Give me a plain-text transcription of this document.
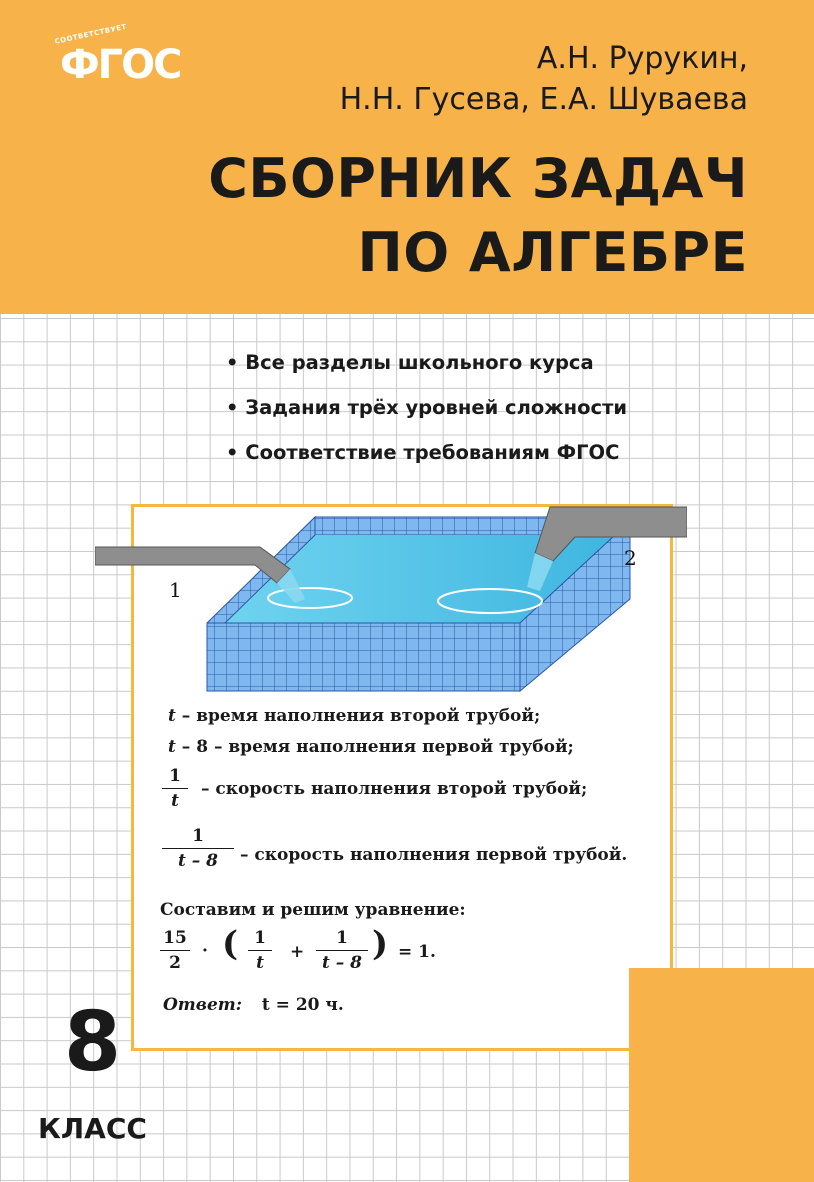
СООТВЕТСТВУЕТ
ФГОС	А.Н. Рурукин,
Н.Н. Гусева, Е.А. Шуваева
СБОРНИК ЗАДАЧ
ПО АЛГЕБРЕ
• Все разделы школьного курса
• Задания трёх уровней сложности
• Соответствие требованиям ФГОС
1
2
t – время наполнения второй трубой;
t – 8 – время наполнения первой трубой;
1
t
– скорость наполнения второй трубой;
1
t – 8	– скорость наполнения первой трубой.
Составим и решим уравнение:
15
2
· ( 1
t
+
1
t – 8 ) = 1.
Ответ: t = 20 ч.
8
КЛАСС
